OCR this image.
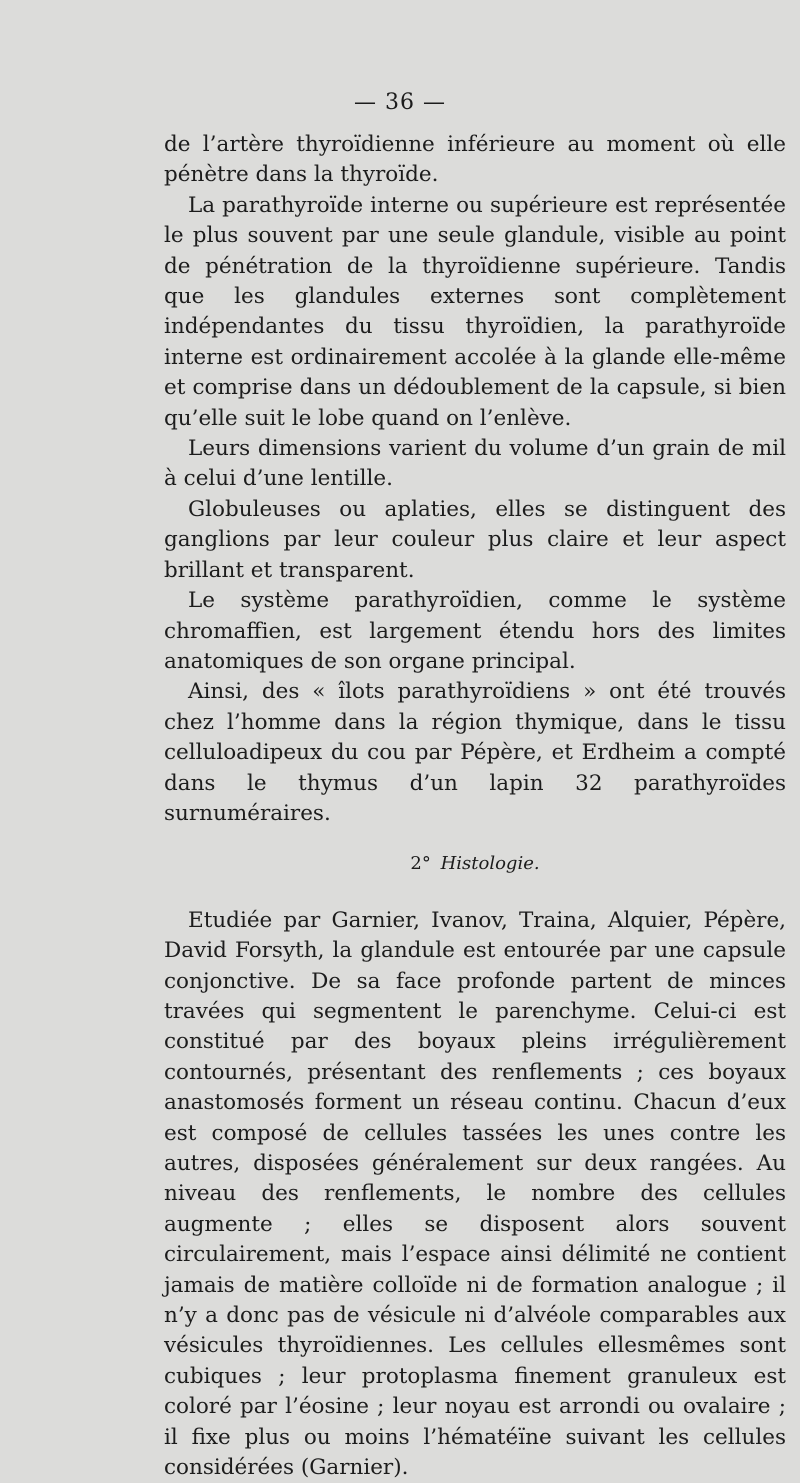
— 36 —

de l’artère thyroïdienne inférieure au moment où elle pénètre dans la thyroïde.

La parathyroïde interne ou supérieure est représentée le plus souvent par une seule glandule, visible au point de pénétration de la thyroïdienne supérieure. Tandis que les glandules externes sont complètement indépendantes du tissu thyroïdien, la parathyroïde interne est ordinairement accolée à la glande elle-même et comprise dans un dédoublement de la capsule, si bien qu’elle suit le lobe quand on l’enlève.

Leurs dimensions varient du volume d’un grain de mil à celui d’une lentille.

Globuleuses ou aplaties, elles se distinguent des ganglions par leur couleur plus claire et leur aspect brillant et transparent.

Le système parathyroïdien, comme le système chromaffien, est largement étendu hors des limites anatomiques de son organe principal.

Ainsi, des « îlots parathyroïdiens » ont été trouvés chez l’homme dans la région thymique, dans le tissu celluloadipeux du cou par Pépère, et Erdheim a compté dans le thymus d’un lapin 32 parathyroïdes surnuméraires.

2° Histologie.

Etudiée par Garnier, Ivanov, Traina, Alquier, Pépère, David Forsyth, la glandule est entourée par une capsule conjonctive. De sa face profonde partent de minces travées qui segmentent le parenchyme. Celui-ci est constitué par des boyaux pleins irrégulièrement contournés, présentant des renflements ; ces boyaux anastomosés forment un réseau continu. Chacun d’eux est composé de cellules tassées les unes contre les autres, disposées généralement sur deux rangées. Au niveau des renflements, le nombre des cellules augmente ; elles se disposent alors souvent circulairement, mais l’espace ainsi délimité ne contient jamais de matière colloïde ni de formation analogue ; il n’y a donc pas de vésicule ni d’alvéole comparables aux vésicules thyroïdiennes. Les cellules ellesmêmes sont cubiques ; leur protoplasma finement granuleux est coloré par l’éosine ; leur noyau est arrondi ou ovalaire ; il fixe plus ou moins l’hématéïne suivant les cellules considérées (Garnier).
